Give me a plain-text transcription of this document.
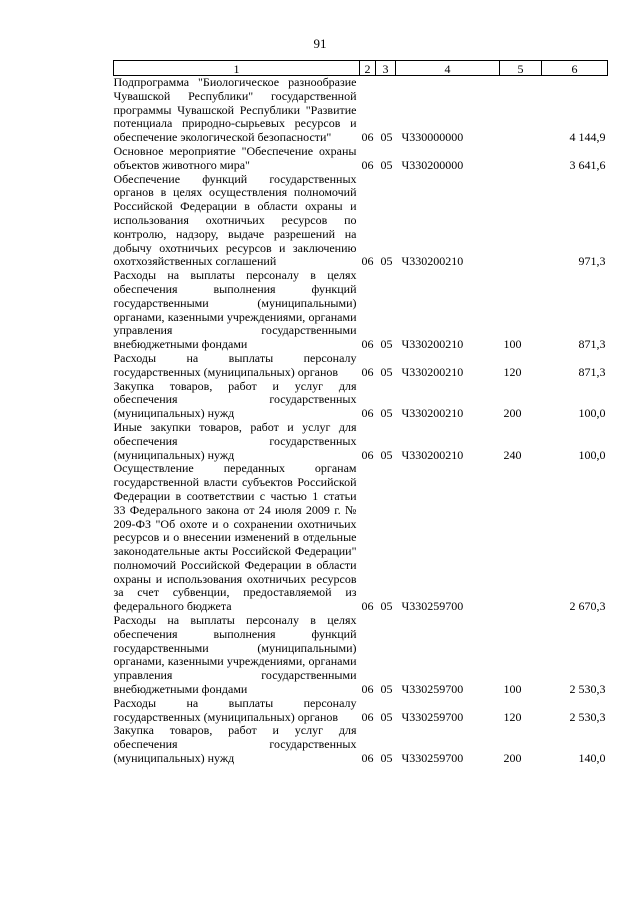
91
1	2	3	4	5	6
Подпрограмма "Биологическое разнообразие Чувашской Республики" государственной программы Чувашской Республики "Развитие потенциала природно-сырьевых ресурсов и обеспечение экологической безопасности"	06	05	Ч330000000		4 144,9
Основное мероприятие "Обеспечение охраны объектов животного мира"	06	05	Ч330200000		3 641,6
Обеспечение функций государственных органов в целях осуществления полномочий Российской Федерации в области охраны и использования охотничьих ресурсов по контролю, надзору, выдаче разрешений на добычу охотничьих ресурсов и заключению охотхозяйственных соглашений	06	05	Ч330200210		971,3
Расходы на выплаты персоналу в целях обеспечения выполнения функций государственными (муниципальными) органами, казенными учреждениями, органами управления государственными внебюджетными фондами	06	05	Ч330200210	100	871,3
Расходы на выплаты персоналу государственных (муниципальных) органов	06	05	Ч330200210	120	871,3
Закупка товаров, работ и услуг для обеспечения государственных (муниципальных) нужд	06	05	Ч330200210	200	100,0
Иные закупки товаров, работ и услуг для обеспечения государственных (муниципальных) нужд	06	05	Ч330200210	240	100,0
Осуществление переданных органам государственной власти субъектов Российской Федерации в соответствии с частью 1 статьи 33 Федерального закона от 24 июля 2009 г. № 209-ФЗ "Об охоте и о сохранении охотничьих ресурсов и о внесении изменений в отдельные законодательные акты Российской Федерации" полномочий Российской Федерации в области охраны и использования охотничьих ресурсов за счет субвенции, предоставляемой из федерального бюджета	06	05	Ч330259700		2 670,3
Расходы на выплаты персоналу в целях обеспечения выполнения функций государственными (муниципальными) органами, казенными учреждениями, органами управления государственными внебюджетными фондами	06	05	Ч330259700	100	2 530,3
Расходы на выплаты персоналу государственных (муниципальных) органов	06	05	Ч330259700	120	2 530,3
Закупка товаров, работ и услуг для обеспечения государственных (муниципальных) нужд	06	05	Ч330259700	200	140,0
